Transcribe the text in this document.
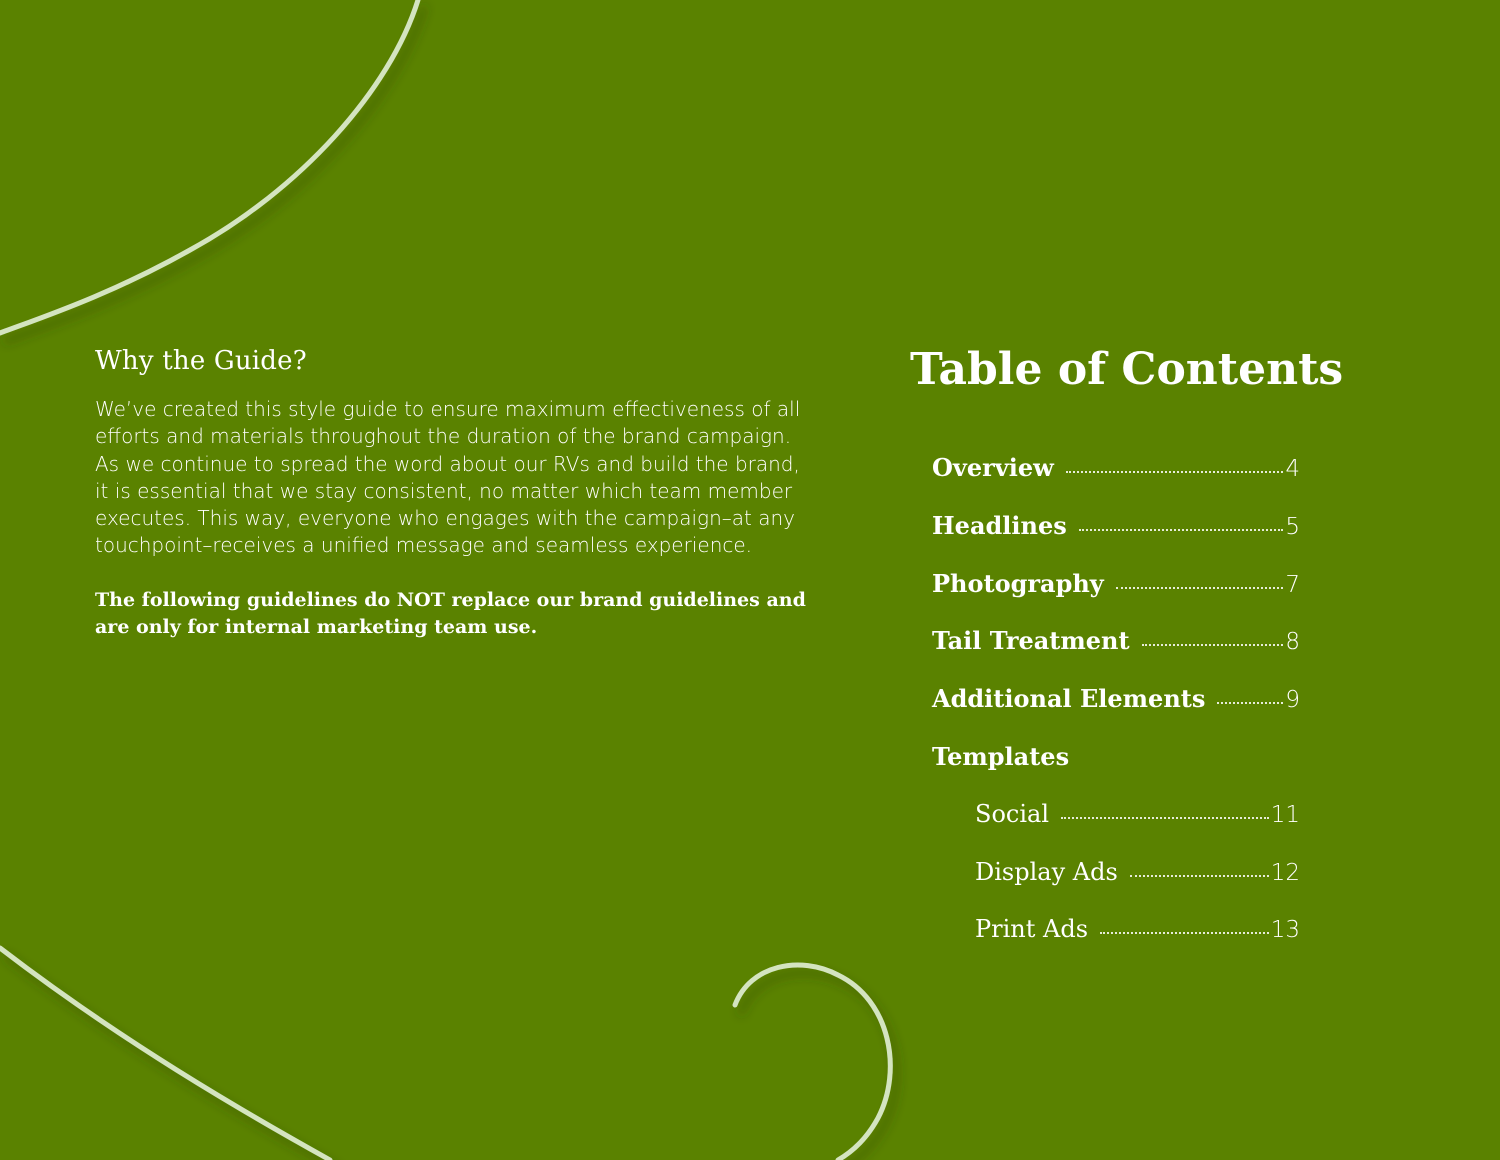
Why the Guide?

We’ve created this style guide to ensure maximum effectiveness of all efforts and materials throughout the duration of the brand campaign. As we continue to spread the word about our RVs and build the brand, it is essential that we stay consistent, no matter which team member executes. This way, everyone who engages with the campaign–at any touchpoint–receives a unified message and seamless experience.

The following guidelines do NOT replace our brand guidelines and are only for internal marketing team use.

Table of Contents
Overview	4
Headlines	5
Photography	7
Tail Treatment	8
Additional Elements	9
Templates
Social	11
Display Ads	12
Print Ads	13
